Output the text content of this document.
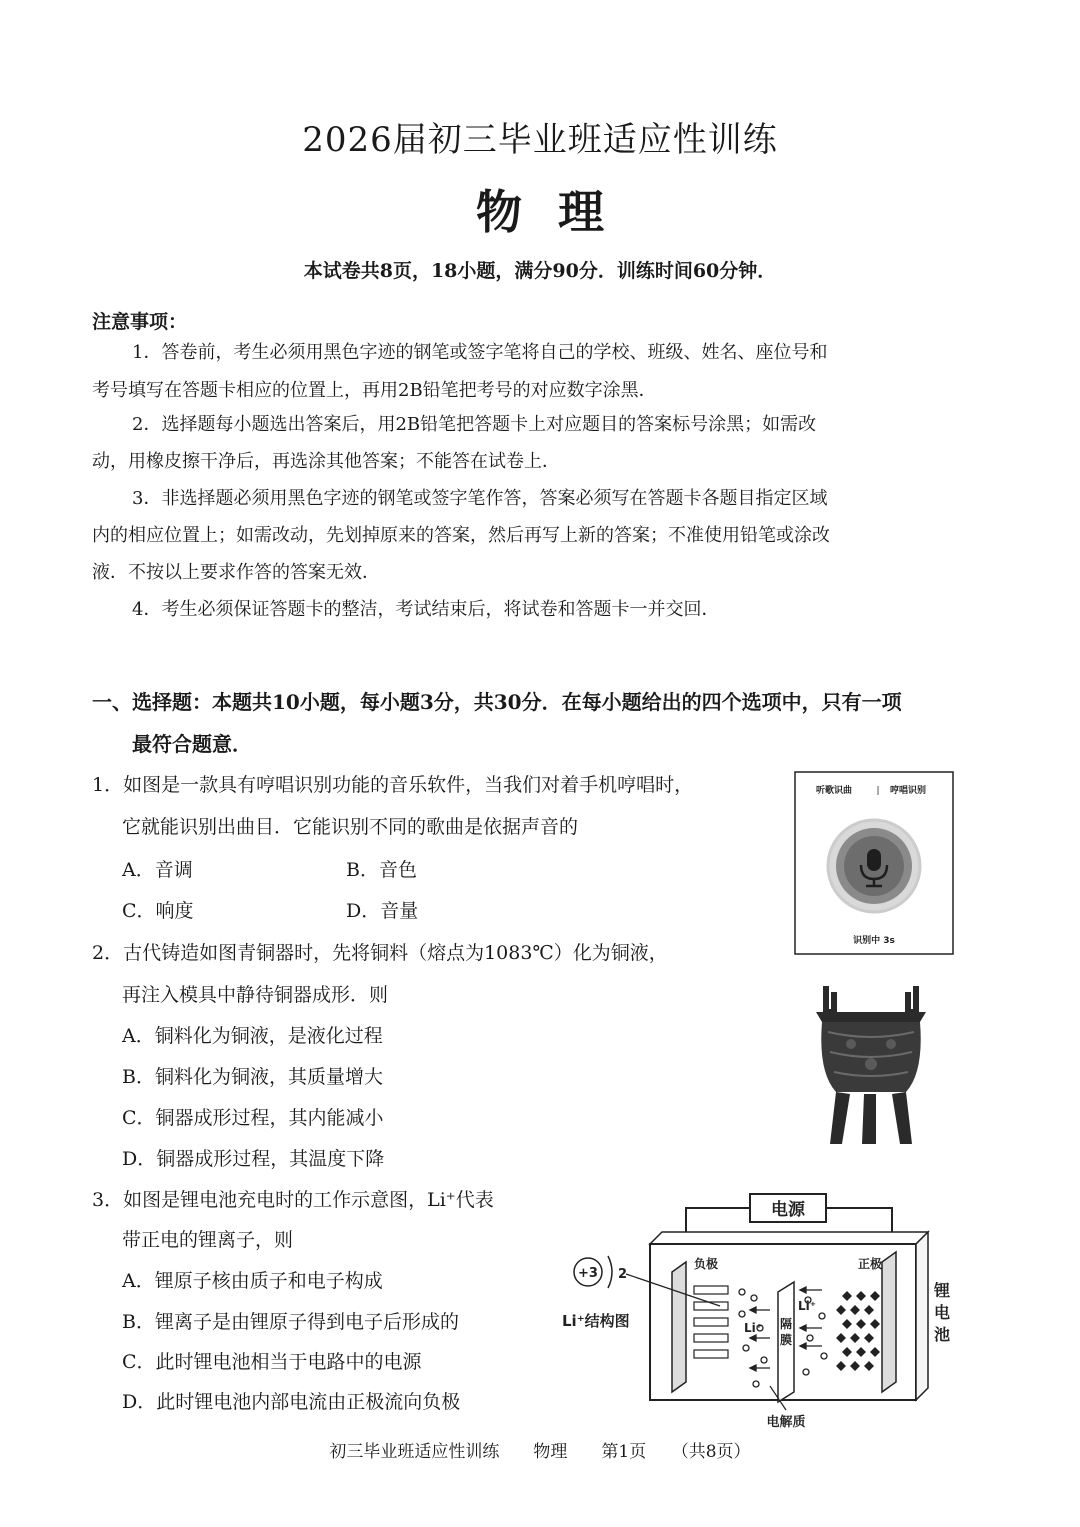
2026届初三毕业班适应性训练
物理
本试卷共8页，18小题，满分90分．训练时间60分钟．
注意事项：
1．答卷前，考生必须用黑色字迹的钢笔或签字笔将自己的学校、班级、姓名、座位号和
考号填写在答题卡相应的位置上，再用2B铅笔把考号的对应数字涂黑．
2．选择题每小题选出答案后，用2B铅笔把答题卡上对应题目的答案标号涂黑；如需改
动，用橡皮擦干净后，再选涂其他答案；不能答在试卷上．
3．非选择题必须用黑色字迹的钢笔或签字笔作答，答案必须写在答题卡各题目指定区域
内的相应位置上；如需改动，先划掉原来的答案，然后再写上新的答案；不准使用铅笔或涂改
液．不按以上要求作答的答案无效．
4．考生必须保证答题卡的整洁，考试结束后，将试卷和答题卡一并交回．
一、选择题：本题共10小题，每小题3分，共30分．在每小题给出的四个选项中，只有一项
最符合题意．
1．如图是一款具有哼唱识别功能的音乐软件，当我们对着手机哼唱时，
它就能识别出曲目．它能识别不同的歌曲是依据声音的
A．音调	B．音色
C．响度	D．音量
听歌识曲	| 哼唱识别
识别中 3s
2．古代铸造如图青铜器时，先将铜料（熔点为1083℃）化为铜液，
再注入模具中静待铜器成形．则
A．铜料化为铜液，是液化过程
B．铜料化为铜液，其质量增大
C．铜器成形过程，其内能减小
D．铜器成形过程，其温度下降
3．如图是锂电池充电时的工作示意图，Li⁺代表
带正电的锂离子，则
A．锂原子核由质子和电子构成
B．锂离子是由锂原子得到电子后形成的
C．此时锂电池相当于电路中的电源
D．此时锂电池内部电流由正极流向负极
电源
负极	正极
隔
膜
Li⁺
Li⁺
+3 2
Li⁺结构图
锂
电
池
电解质
初三毕业班适应性训练　　物理　　第1页　　（共8页）
